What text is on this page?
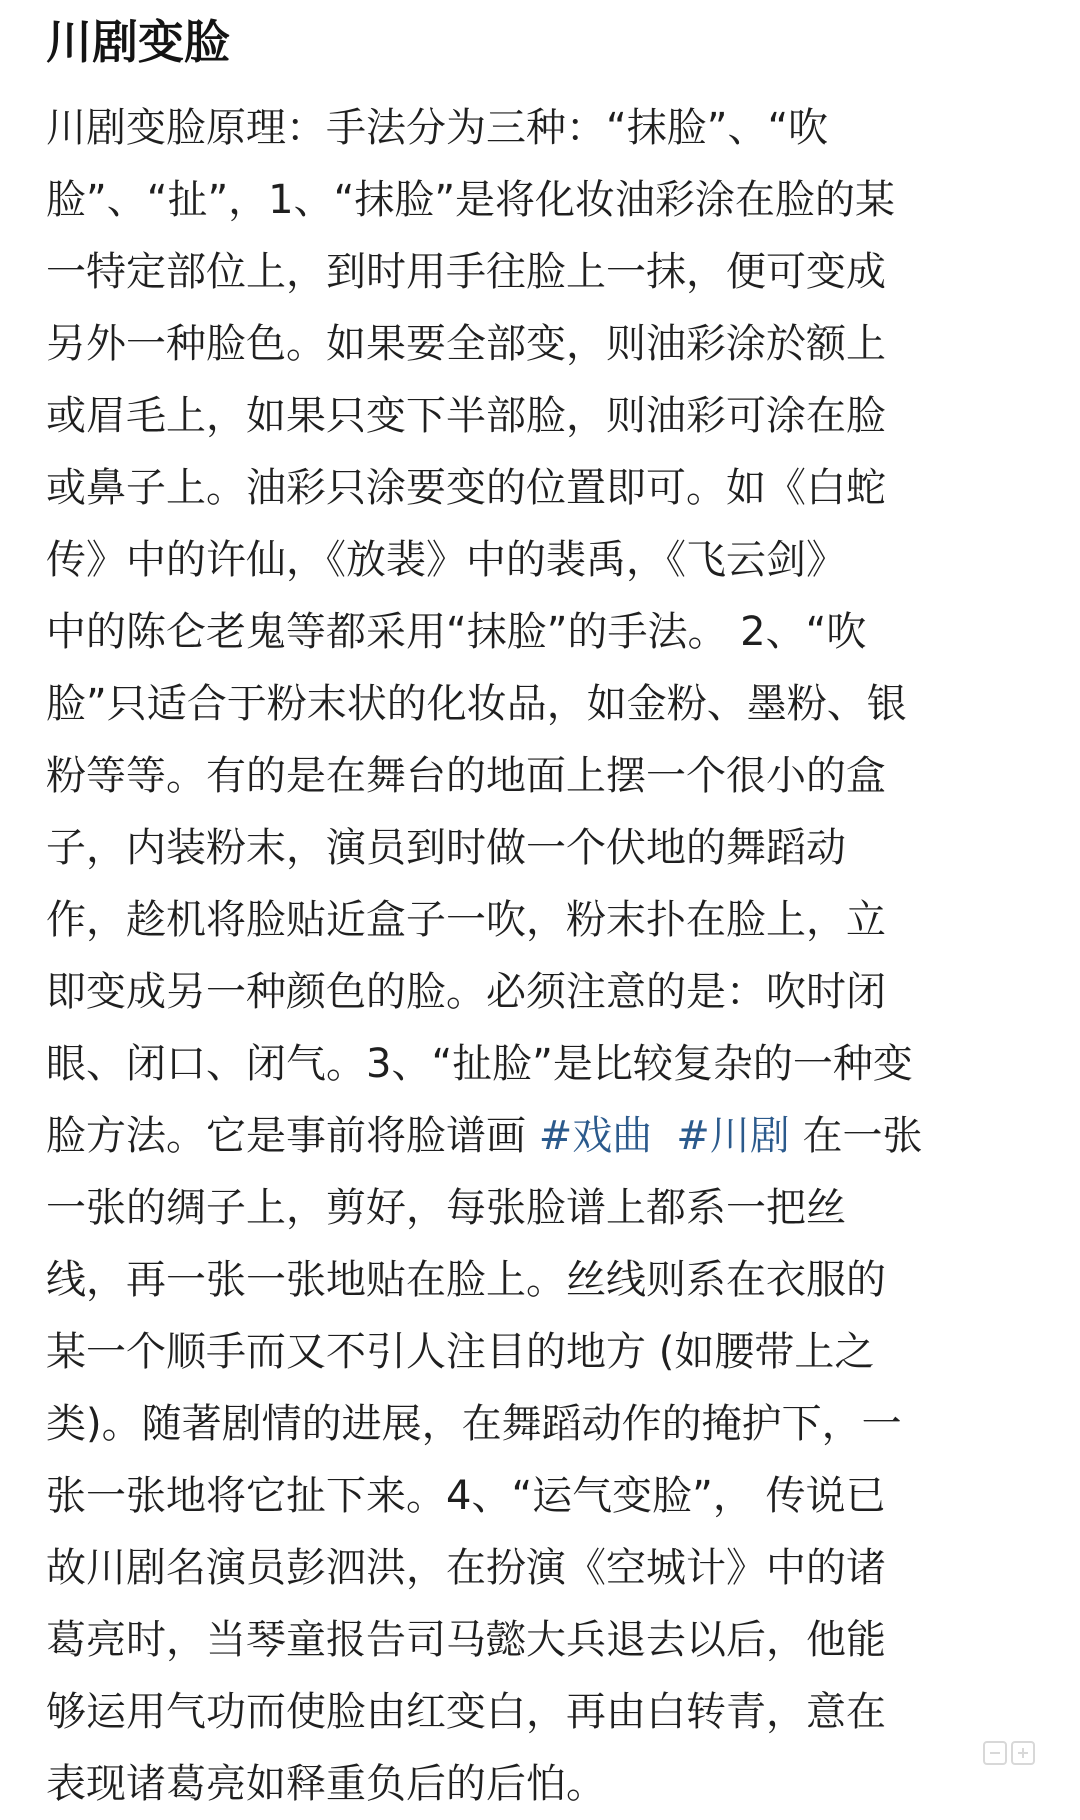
川剧变脸
川剧变脸原理：手法分为三种：“抹脸”、“吹
脸”、“扯”，1、“抹脸”是将化妆油彩涂在脸的某
一特定部位上，到时用手往脸上一抹，便可变成
另外一种脸色。如果要全部变，则油彩涂於额上
或眉毛上，如果只变下半部脸，则油彩可涂在脸
或鼻子上。油彩只涂要变的位置即可。如《白蛇
传》中的许仙，《放裴》中的裴禹，《飞云剑》
中的陈仑老鬼等都采用“抹脸”的手法。 2、“吹
脸”只适合于粉末状的化妆品，如金粉、墨粉、银
粉等等。有的是在舞台的地面上摆一个很小的盒
子，内装粉末，演员到时做一个伏地的舞蹈动
作，趁机将脸贴近盒子一吹，粉末扑在脸上，立
即变成另一种颜色的脸。必须注意的是：吹时闭
眼、闭口、闭气。3、“扯脸”是比较复杂的一种变
脸方法。它是事前将脸谱画 #戏曲 #川剧 在一张
一张的绸子上，剪好，每张脸谱上都系一把丝
线，再一张一张地贴在脸上。丝线则系在衣服的
某一个顺手而又不引人注目的地方 (如腰带上之
类)。随著剧情的进展，在舞蹈动作的掩护下，一
张一张地将它扯下来。4、“运气变脸”， 传说已
故川剧名演员彭泗洪，在扮演《空城计》中的诸
葛亮时，当琴童报告司马懿大兵退去以后，他能
够运用气功而使脸由红变白，再由白转青，意在
表现诸葛亮如释重负后的后怕。
